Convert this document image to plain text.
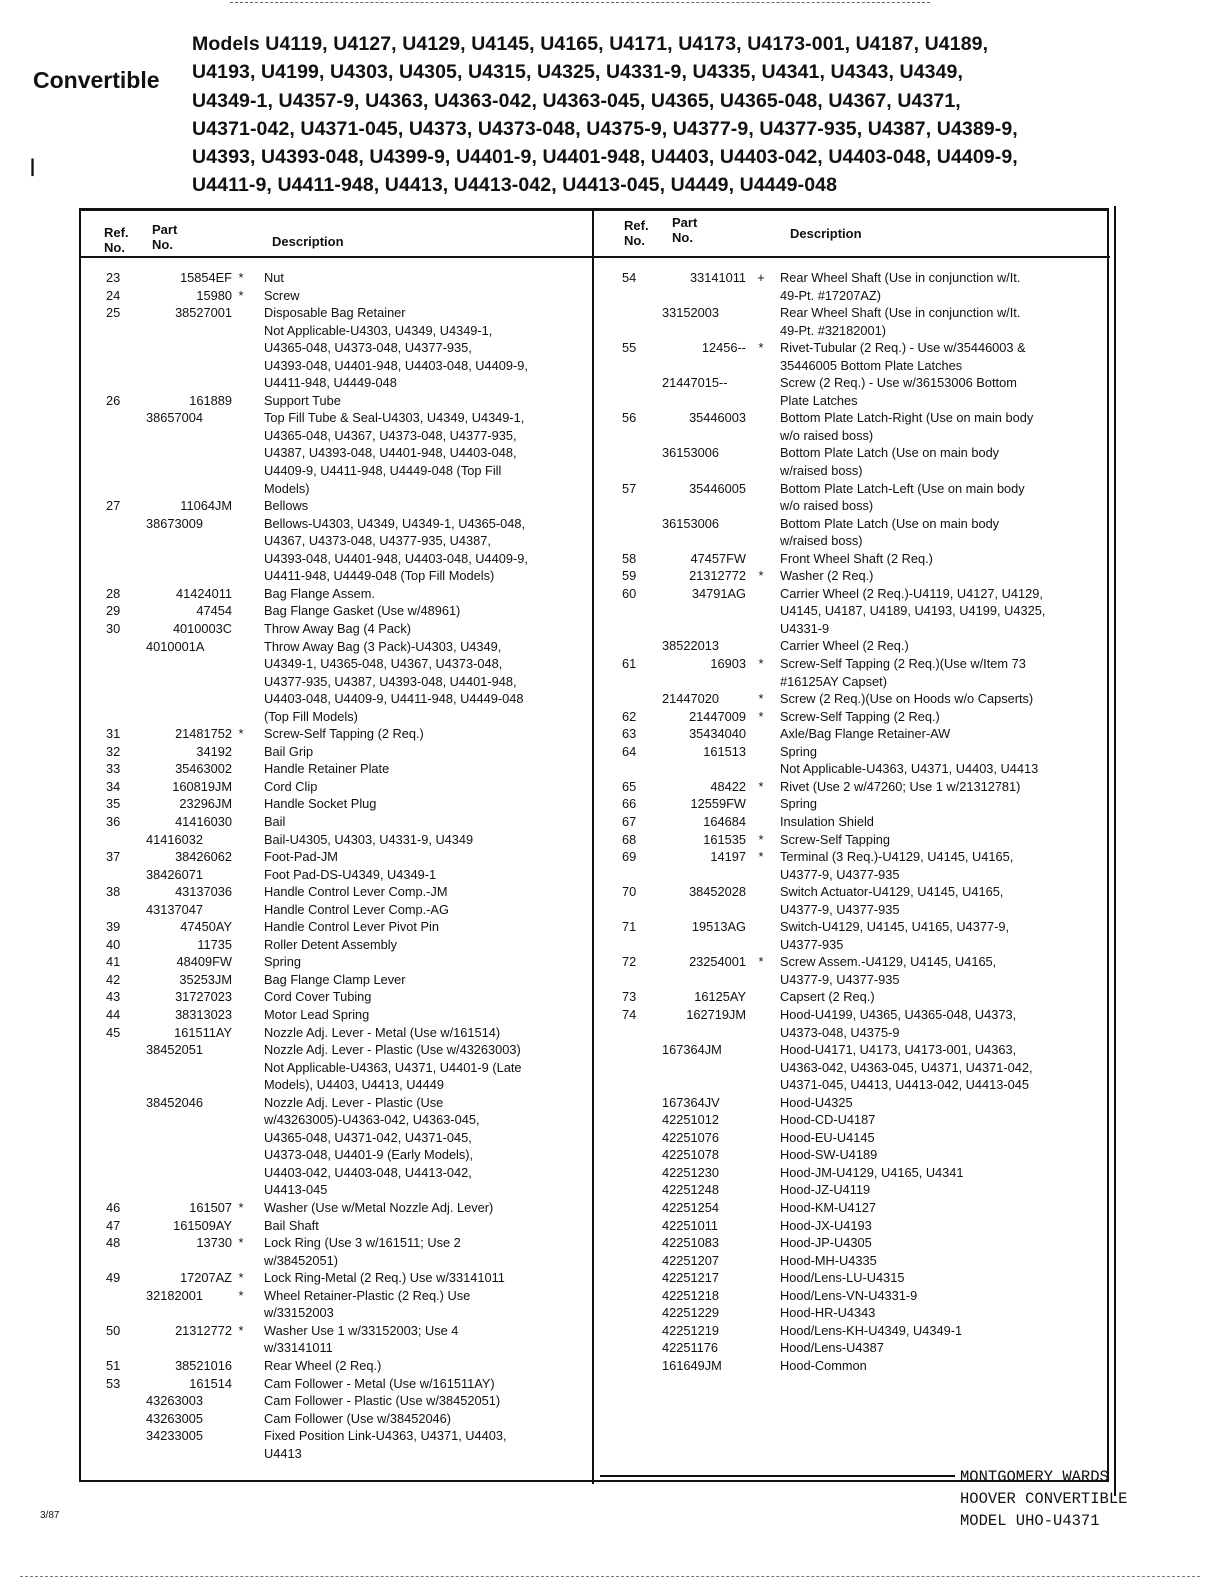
Convertible
|
Models U4119, U4127, U4129, U4145, U4165, U4171, U4173, U4173-001, U4187, U4189,
U4193, U4199, U4303, U4305, U4315, U4325, U4331-9, U4335, U4341, U4343, U4349,
U4349-1, U4357-9, U4363, U4363-042, U4363-045, U4365, U4365-048, U4367, U4371,
U4371-042, U4371-045, U4373, U4373-048, U4375-9, U4377-9, U4377-935, U4387, U4389-9,
U4393, U4393-048, U4399-9, U4401-9, U4401-948, U4403, U4403-042, U4403-048, U4409-9,
U4411-9, U4411-948, U4413, U4413-042, U4413-045, U4449, U4449-048
Ref.
No.
Part
No.	Description
Ref.
No.
Part
No.	Description
23	15854EF *	Nut
24	15980 *	Screw
25	38527001	Disposable Bag Retainer
Not Applicable-U4303, U4349, U4349-1,
U4365-048, U4373-048, U4377-935,
U4393-048, U4401-948, U4403-048, U4409-9,
U4411-948, U4449-048
26	161889	Support Tube
38657004	Top Fill Tube & Seal-U4303, U4349, U4349-1,
U4365-048, U4367, U4373-048, U4377-935,
U4387, U4393-048, U4401-948, U4403-048,
U4409-9, U4411-948, U4449-048 (Top Fill
Models)
27	11064JM	Bellows
38673009	Bellows-U4303, U4349, U4349-1, U4365-048,
U4367, U4373-048, U4377-935, U4387,
U4393-048, U4401-948, U4403-048, U4409-9,
U4411-948, U4449-048 (Top Fill Models)
28	41424011	Bag Flange Assem.
29	47454	Bag Flange Gasket (Use w/48961)
30	4010003C	Throw Away Bag (4 Pack)
4010001A	Throw Away Bag (3 Pack)-U4303, U4349,
U4349-1, U4365-048, U4367, U4373-048,
U4377-935, U4387, U4393-048, U4401-948,
U4403-048, U4409-9, U4411-948, U4449-048
(Top Fill Models)
31	21481752 *	Screw-Self Tapping (2 Req.)
32	34192	Bail Grip
33	35463002	Handle Retainer Plate
34	160819JM	Cord Clip
35	23296JM	Handle Socket Plug
36	41416030	Bail
41416032	Bail-U4305, U4303, U4331-9, U4349
37	38426062	Foot-Pad-JM
38426071	Foot Pad-DS-U4349, U4349-1
38	43137036	Handle Control Lever Comp.-JM
43137047	Handle Control Lever Comp.-AG
39	47450AY	Handle Control Lever Pivot Pin
40	11735	Roller Detent Assembly
41	48409FW	Spring
42	35253JM	Bag Flange Clamp Lever
43	31727023	Cord Cover Tubing
44	38313023	Motor Lead Spring
45	161511AY	Nozzle Adj. Lever - Metal (Use w/161514)
38452051	Nozzle Adj. Lever - Plastic (Use w/43263003)
Not Applicable-U4363, U4371, U4401-9 (Late
Models), U4403, U4413, U4449
38452046	Nozzle Adj. Lever - Plastic (Use
w/43263005)-U4363-042, U4363-045,
U4365-048, U4371-042, U4371-045,
U4373-048, U4401-9 (Early Models),
U4403-042, U4403-048, U4413-042,
U4413-045
46	161507 *	Washer (Use w/Metal Nozzle Adj. Lever)
47	161509AY	Bail Shaft
48	13730 *	Lock Ring (Use 3 w/161511; Use 2
w/38452051)
49	17207AZ *	Lock Ring-Metal (2 Req.) Use w/33141011
32182001	*	Wheel Retainer-Plastic (2 Req.) Use
w/33152003
50	21312772 *	Washer Use 1 w/33152003; Use 4
w/33141011
51	38521016	Rear Wheel (2 Req.)
53	161514	Cam Follower - Metal (Use w/161511AY)
43263003	Cam Follower - Plastic (Use w/38452051)
43263005	Cam Follower (Use w/38452046)
34233005	Fixed Position Link-U4363, U4371, U4403,
U4413
54	33141011 + Rear Wheel Shaft (Use in conjunction w/It.
49-Pt. #17207AZ)
33152003	Rear Wheel Shaft (Use in conjunction w/It.
49-Pt. #32182001)
55	12456-- *	Rivet-Tubular (2 Req.) - Use w/35446003 &
35446005 Bottom Plate Latches
21447015--	Screw (2 Req.) - Use w/36153006 Bottom
Plate Latches
56	35446003	Bottom Plate Latch-Right (Use on main body
w/o raised boss)
36153006	Bottom Plate Latch (Use on main body
w/raised boss)
57	35446005	Bottom Plate Latch-Left (Use on main body
w/o raised boss)
36153006	Bottom Plate Latch (Use on main body
w/raised boss)
58	47457FW	Front Wheel Shaft (2 Req.)
59	21312772 *	Washer (2 Req.)
60	34791AG	Carrier Wheel (2 Req.)-U4119, U4127, U4129,
U4145, U4187, U4189, U4193, U4199, U4325,
U4331-9
38522013	Carrier Wheel (2 Req.)
61	16903 *	Screw-Self Tapping (2 Req.)(Use w/Item 73
#16125AY Capset)
21447020	*	Screw (2 Req.)(Use on Hoods w/o Capserts)
62	21447009 *	Screw-Self Tapping (2 Req.)
63	35434040	Axle/Bag Flange Retainer-AW
64	161513	Spring
Not Applicable-U4363, U4371, U4403, U4413
65	48422 *	Rivet (Use 2 w/47260; Use 1 w/21312781)
66	12559FW	Spring
67	164684	Insulation Shield
68	161535 *	Screw-Self Tapping
69	14197 *	Terminal (3 Req.)-U4129, U4145, U4165,
U4377-9, U4377-935
70	38452028	Switch Actuator-U4129, U4145, U4165,
U4377-9, U4377-935
71	19513AG	Switch-U4129, U4145, U4165, U4377-9,
U4377-935
72	23254001 *	Screw Assem.-U4129, U4145, U4165,
U4377-9, U4377-935
73	16125AY	Capsert (2 Req.)
74	162719JM	Hood-U4199, U4365, U4365-048, U4373,
U4373-048, U4375-9
167364JM	Hood-U4171, U4173, U4173-001, U4363,
U4363-042, U4363-045, U4371, U4371-042,
U4371-045, U4413, U4413-042, U4413-045
167364JV	Hood-U4325
42251012	Hood-CD-U4187
42251076	Hood-EU-U4145
42251078	Hood-SW-U4189
42251230	Hood-JM-U4129, U4165, U4341
42251248	Hood-JZ-U4119
42251254	Hood-KM-U4127
42251011	Hood-JX-U4193
42251083	Hood-JP-U4305
42251207	Hood-MH-U4335
42251217	Hood/Lens-LU-U4315
42251218	Hood/Lens-VN-U4331-9
42251229	Hood-HR-U4343
42251219	Hood/Lens-KH-U4349, U4349-1
42251176	Hood/Lens-U4387
161649JM	Hood-Common
MONTGOMERY WARDS
HOOVER CONVERTIBLE
MODEL UHO-U4371
3/87
